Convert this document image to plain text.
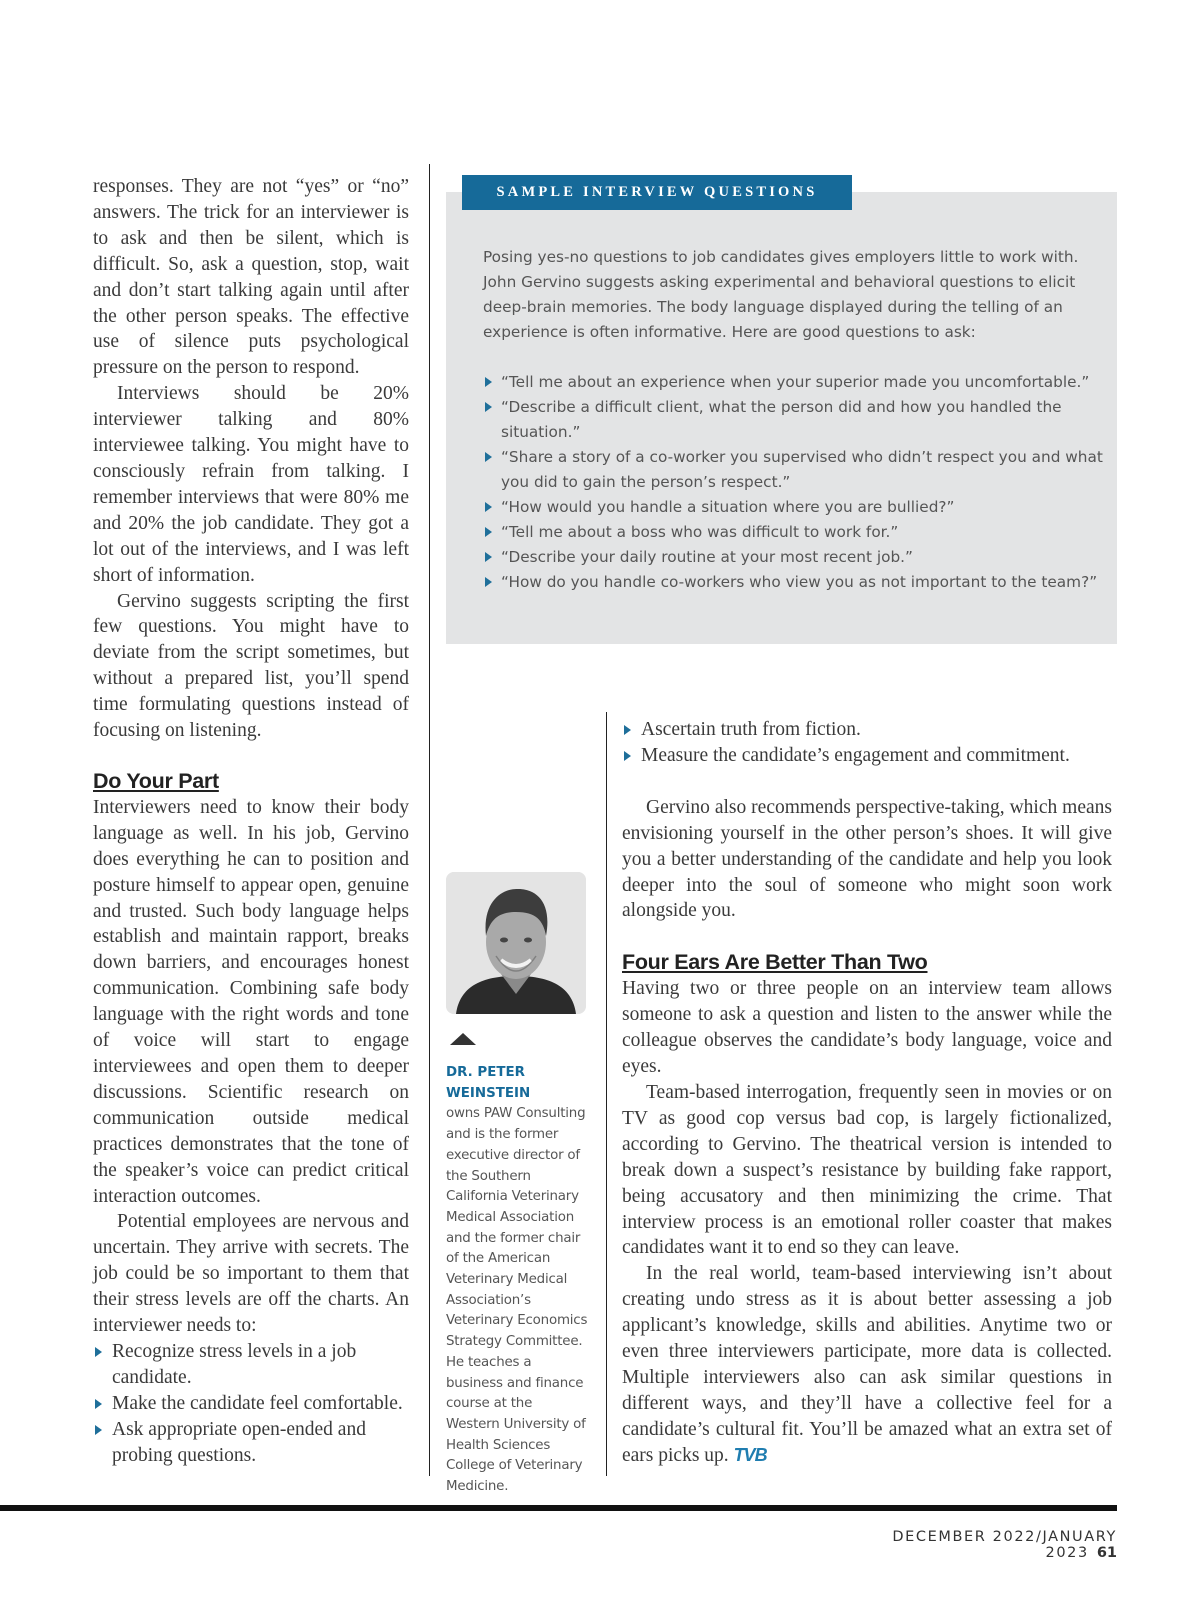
responses. They are not “yes” or “no” answers. The trick for an interviewer is to ask and then be silent, which is difficult. So, ask a question, stop, wait and don’t start talking again until after the other person speaks. The effective use of silence puts psychological pressure on the person to respond.

Interviews should be 20% interviewer talking and 80% interviewee talking. You might have to consciously refrain from talking. I remember interviews that were 80% me and 20% the job candidate. They got a lot out of the interviews, and I was left short of information.

Gervino suggests scripting the first few questions. You might have to deviate from the script sometimes, but without a prepared list, you’ll spend time formulating questions instead of focusing on listening.

Do Your Part

Interviewers need to know their body language as well. In his job, Gervino does everything he can to position and posture himself to appear open, genuine and trusted. Such body language helps establish and maintain rapport, breaks down barriers, and encourages honest communication. Combining safe body language with the right words and tone of voice will start to engage interviewees and open them to deeper discussions. Scientific research on communication outside medical practices demonstrates that the tone of the speaker’s voice can predict critical interaction outcomes.

Potential employees are nervous and uncertain. They arrive with secrets. The job could be so important to them that their stress levels are off the charts. An interviewer needs to:

Recognize stress levels in a job candidate.
Make the candidate feel comfortable.
Ask appropriate open-ended and probing questions.
SAMPLE INTERVIEW QUESTIONS

Posing yes-no questions to job candidates gives employers little to work with. John Gervino suggests asking experimental and behavioral questions to elicit deep-brain memories. The body language displayed during the telling of an experience is often informative. Here are good questions to ask:

“Tell me about an experience when your superior made you uncomfortable.”
“Describe a difficult client, what the person did and how you handled the situation.”
“Share a story of a co-worker you supervised who didn’t respect you and what you did to gain the person’s respect.”
“How would you handle a situation where you are bullied?”
“Tell me about a boss who was difficult to work for.”
“Describe your daily routine at your most recent job.”
“How do you handle co-workers who view you as not important to the team?”
DR. PETER WEINSTEIN
owns PAW Consulting and is the former executive director of the Southern California Veterinary Medical Association and the former chair of the American Veterinary Medical Association’s Veterinary Economics Strategy Committee. He teaches a business and finance course at the Western University of Health Sciences College of Veterinary Medicine.
Ascertain truth from fiction.
Measure the candidate’s engagement and commitment.

Gervino also recommends perspective-taking, which means envisioning yourself in the other person’s shoes. It will give you a better understanding of the candidate and help you look deeper into the soul of someone who might soon work alongside you.

Four Ears Are Better Than Two

Having two or three people on an interview team allows someone to ask a question and listen to the answer while the colleague observes the candidate’s body language, voice and eyes.

Team-based interrogation, frequently seen in movies or on TV as good cop versus bad cop, is largely fictionalized, according to Gervino. The theatrical version is intended to break down a suspect’s resistance by building fake rapport, being accusatory and then minimizing the crime. That interview process is an emotional roller coaster that makes candidates want it to end so they can leave.

In the real world, team-based interviewing isn’t about creating undo stress as it is about better assessing a job applicant’s knowledge, skills and abilities. Anytime two or even three interviewers participate, more data is collected. Multiple interviewers also can ask similar questions in different ways, and they’ll have a collective feel for a candidate’s cultural fit. You’ll be amazed what an extra set of ears picks up. TVB

DECEMBER 2022/JANUARY 2023 61
